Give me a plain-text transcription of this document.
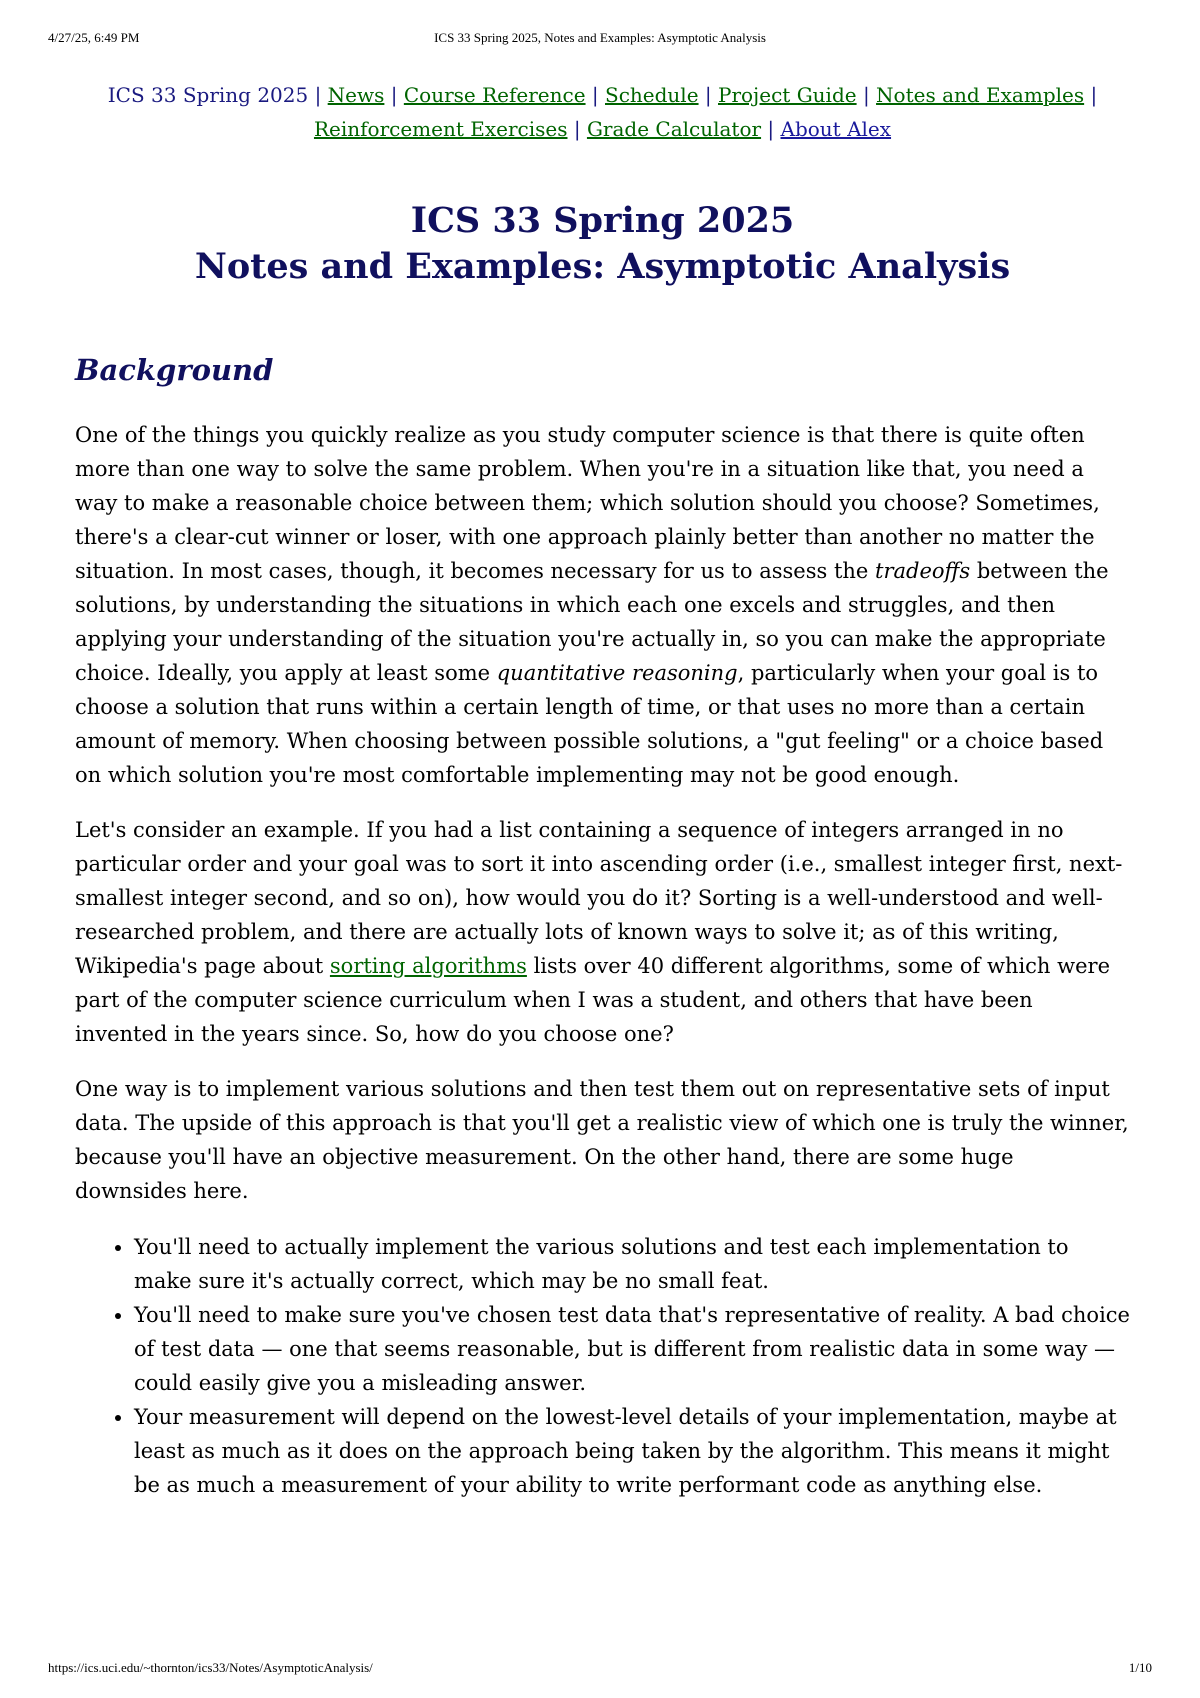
4/27/25, 6:49 PM	ICS 33 Spring 2025, Notes and Examples: Asymptotic Analysis
ICS 33 Spring 2025 | News | Course Reference | Schedule | Project Guide | Notes and Examples | Reinforcement Exercises | Grade Calculator | About Alex
ICS 33 Spring 2025
Notes and Examples: Asymptotic Analysis
Background

One of the things you quickly realize as you study computer science is that there is quite often more than one way to solve the same problem. When you're in a situation like that, you need a way to make a reasonable choice between them; which solution should you choose? Sometimes, there's a clear-cut winner or loser, with one approach plainly better than another no matter the situation. In most cases, though, it becomes necessary for us to assess the tradeoffs between the solutions, by understanding the situations in which each one excels and struggles, and then applying your understanding of the situation you're actually in, so you can make the appropriate choice. Ideally, you apply at least some quantitative reasoning, particularly when your goal is to choose a solution that runs within a certain length of time, or that uses no more than a certain amount of memory. When choosing between possible solutions, a "gut feeling" or a choice based on which solution you're most comfortable implementing may not be good enough.

Let's consider an example. If you had a list containing a sequence of integers arranged in no particular order and your goal was to sort it into ascending order (i.e., smallest integer first, next-smallest integer second, and so on), how would you do it? Sorting is a well-understood and well-researched problem, and there are actually lots of known ways to solve it; as of this writing, Wikipedia's page about sorting algorithms lists over 40 different algorithms, some of which were part of the computer science curriculum when I was a student, and others that have been invented in the years since. So, how do you choose one?

One way is to implement various solutions and then test them out on representative sets of input data. The upside of this approach is that you'll get a realistic view of which one is truly the winner, because you'll have an objective measurement. On the other hand, there are some huge downsides here.

• You'll need to actually implement the various solutions and test each implementation to make sure it's actually correct, which may be no small feat.
• You'll need to make sure you've chosen test data that's representative of reality. A bad choice of test data — one that seems reasonable, but is different from realistic data in some way — could easily give you a misleading answer.
• Your measurement will depend on the lowest-level details of your implementation, maybe at least as much as it does on the approach being taken by the algorithm. This means it might be as much a measurement of your ability to write performant code as anything else.
https://ics.uci.edu/~thornton/ics33/Notes/AsymptoticAnalysis/	1/10
